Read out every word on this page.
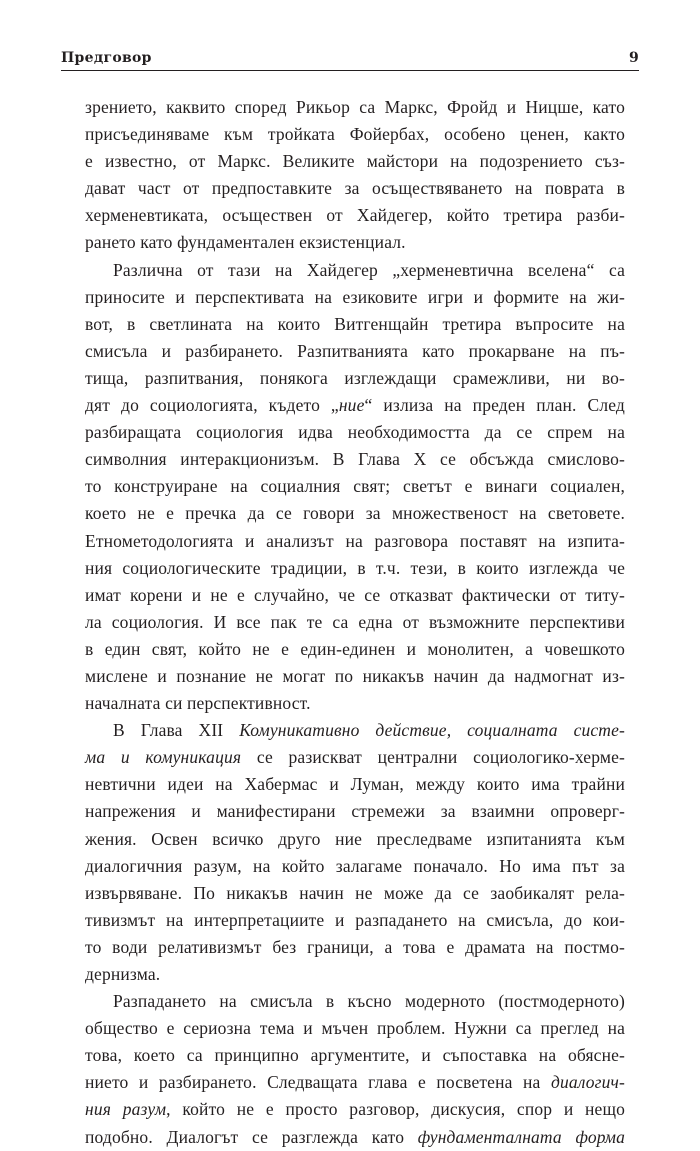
Предговор	9
зрението, каквито според Рикьор са Маркс, Фройд и Ницше, като
присъединяваме към тройката Фойербах, особено ценен, както
е известно, от Маркс. Великите майстори на подозрението съз-
дават част от предпоставките за осъществяването на поврата в
херменевтиката, осъществен от Хайдегер, който третира разби-
рането като фундаментален екзистенциал.
Различна от тази на Хайдегер „херменевтична вселена“ са
приносите и перспективата на езиковите игри и формите на жи-
вот, в светлината на които Витгенщайн третира въпросите на
смисъла и разбирането. Разпитванията като прокарване на пъ-
тища, разпитвания, понякога изглеждащи срамежливи, ни во-
дят до социологията, където „ние“ излиза на преден план. След
разбиращата социология идва необходимостта да се спрем на
символния интеракционизъм. В Глава X се обсъжда смислово-
то конструиране на социалния свят; светът е винаги социален,
което не е пречка да се говори за множественост на световете.
Етнометодологията и анализът на разговора поставят на изпита-
ния социологическите традиции, в т.ч. тези, в които изглежда че
имат корени и не е случайно, че се отказват фактически от титу-
ла социология. И все пак те са една от възможните перспективи
в един свят, който не е един-единен и монолитен, а човешкото
мислене и познание не могат по никакъв начин да надмогнат из-
началната си перспективност.
В Глава XII Комуникативно действие, социалната систе-
ма и комуникация се разискват централни социологико-херме-
невтични идеи на Хабермас и Луман, между които има трайни
напрежения и манифестирани стремежи за взаимни опроверг-
жения. Освен всичко друго ние преследваме изпитанията към
диалогичния разум, на който залагаме поначало. Но има път за
извървяване. По никакъв начин не може да се заобикалят рела-
тивизмът на интерпретациите и разпадането на смисъла, до кои-
то води релативизмът без граници, а това е драмата на постмо-
дернизма.
Разпадането на смисъла в късно модерното (постмодерното)
общество е сериозна тема и мъчен проблем. Нужни са преглед на
това, което са принципно аргументите, и съпоставка на обясне-
нието и разбирането. Следващата глава е посветена на диалогич-
ния разум, който не е просто разговор, дискусия, спор и нещо
подобно. Диалогът се разглежда като фундаменталната форма
